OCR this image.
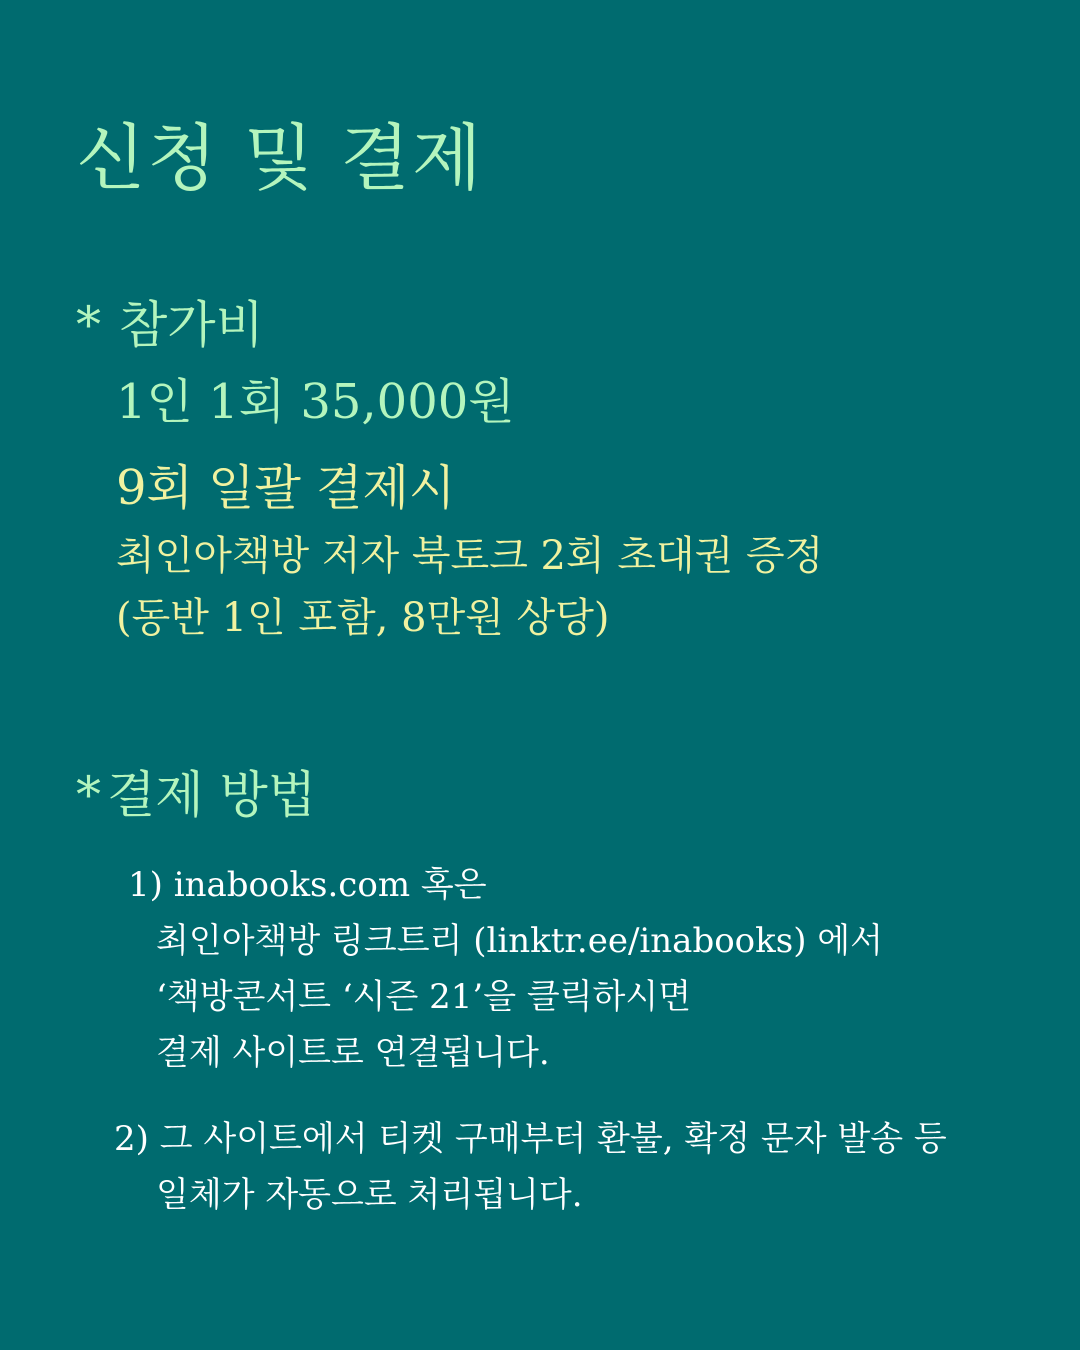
신청 및 결제
* 참가비
1인 1회 35,000원
9회 일괄 결제시
최인아책방 저자 북토크 2회 초대권 증정
(동반 1인 포함, 8만원 상당)
* 결제 방법
1) inabooks.com 혹은
최인아책방 링크트리 (linktr.ee/inabooks) 에서
‘책방콘서트 ‘시즌 21’을 클릭하시면
결제 사이트로 연결됩니다.
2) 그 사이트에서 티켓 구매부터 환불, 확정 문자 발송 등
일체가 자동으로 처리됩니다.
